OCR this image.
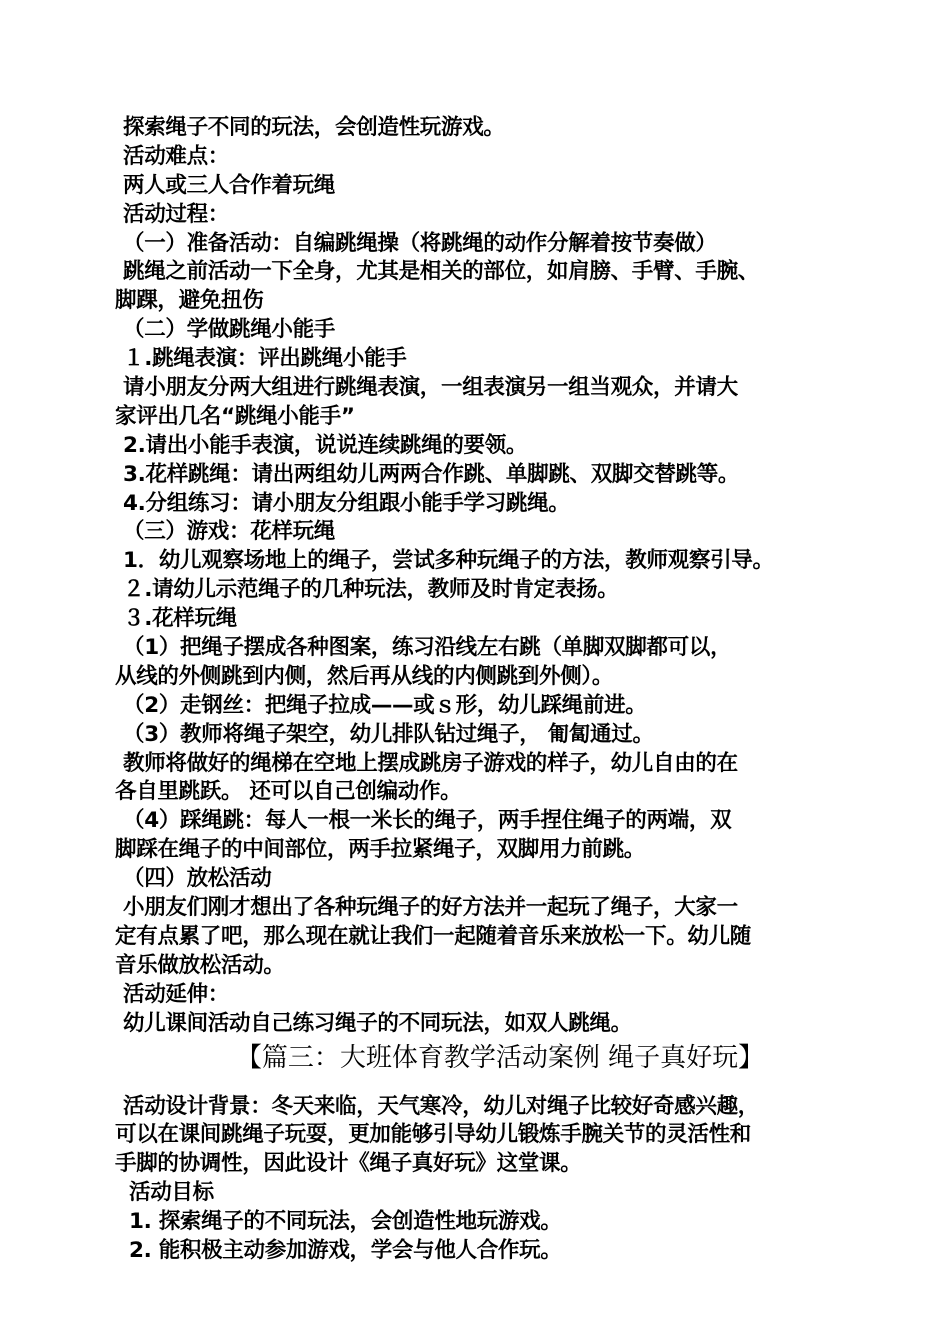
探索绳子不同的玩法，会创造性玩游戏。
活动难点：
两人或三人合作着玩绳
活动过程：
（一）准备活动：自编跳绳操（将跳绳的动作分解着按节奏做）
跳绳之前活动一下全身，尤其是相关的部位，如肩膀、手臂、手腕、
脚踝，避免扭伤
（二）学做跳绳小能手
１.跳绳表演：评出跳绳小能手
请小朋友分两大组进行跳绳表演，一组表演另一组当观众，并请大
家评出几名“跳绳小能手”
2.请出小能手表演，说说连续跳绳的要领。
3.花样跳绳：请出两组幼儿两两合作跳、单脚跳、双脚交替跳等。
4.分组练习：请小朋友分组跟小能手学习跳绳。
（三）游戏：花样玩绳
1．幼儿观察场地上的绳子，尝试多种玩绳子的方法，教师观察引导。
２.请幼儿示范绳子的几种玩法，教师及时肯定表扬。
３.花样玩绳
（1）把绳子摆成各种图案，练习沿线左右跳（单脚双脚都可以，
从线的外侧跳到内侧，然后再从线的内侧跳到外侧）。
（2）走钢丝：把绳子拉成——或ｓ形，幼儿踩绳前进。
（3）教师将绳子架空，幼儿排队钻过绳子， 匍匐通过。
教师将做好的绳梯在空地上摆成跳房子游戏的样子，幼儿自由的在
各自里跳跃。 还可以自己创编动作。
（4）踩绳跳：每人一根一米长的绳子，两手捏住绳子的两端，双
脚踩在绳子的中间部位，两手拉紧绳子，双脚用力前跳。
（四）放松活动
小朋友们刚才想出了各种玩绳子的好方法并一起玩了绳子，大家一
定有点累了吧，那么现在就让我们一起随着音乐来放松一下。幼儿随
音乐做放松活动。
活动延伸：
幼儿课间活动自己练习绳子的不同玩法，如双人跳绳。
【篇三：大班体育教学活动案例 绳子真好玩】
活动设计背景：冬天来临，天气寒冷，幼儿对绳子比较好奇感兴趣，
可以在课间跳绳子玩耍，更加能够引导幼儿锻炼手腕关节的灵活性和
手脚的协调性，因此设计《绳子真好玩》这堂课。
活动目标
1. 探索绳子的不同玩法，会创造性地玩游戏。
2. 能积极主动参加游戏，学会与他人合作玩。
